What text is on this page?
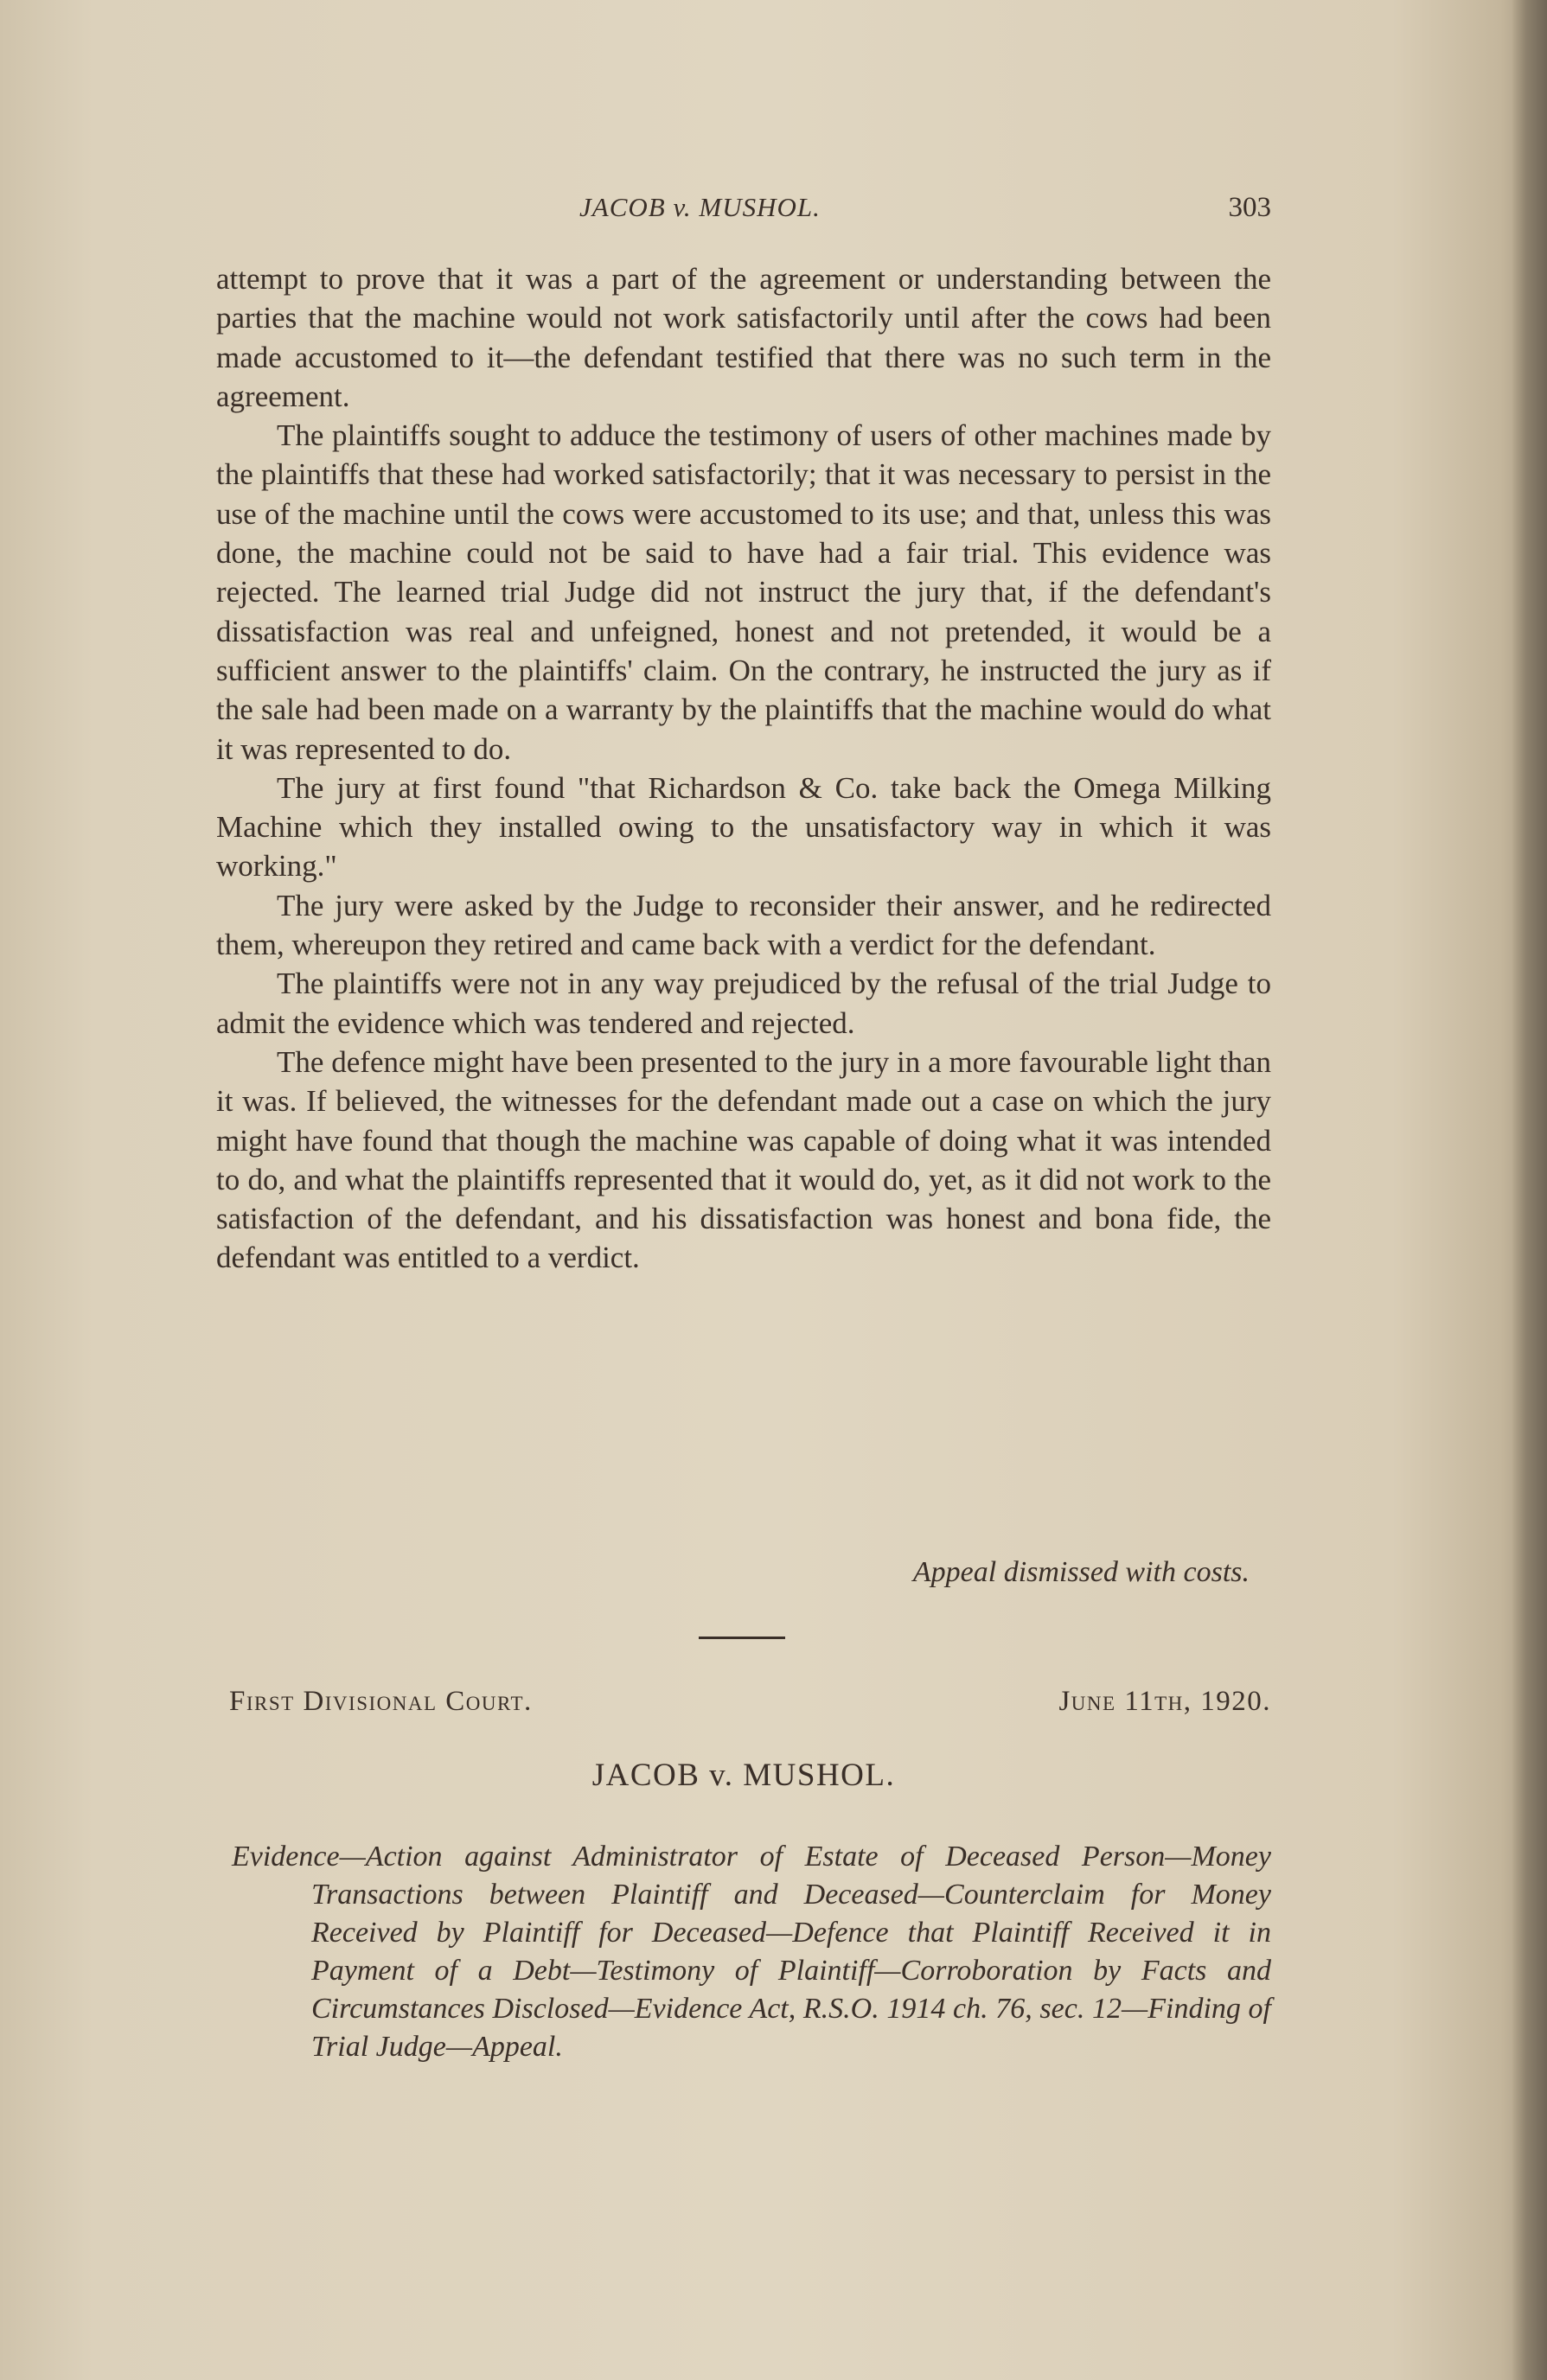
JACOB v. MUSHOL.	303

attempt to prove that it was a part of the agreement or understanding between the parties that the machine would not work satisfactorily until after the cows had been made accustomed to it—the defendant testified that there was no such term in the agreement.

The plaintiffs sought to adduce the testimony of users of other machines made by the plaintiffs that these had worked satisfactorily; that it was necessary to persist in the use of the machine until the cows were accustomed to its use; and that, unless this was done, the machine could not be said to have had a fair trial. This evidence was rejected. The learned trial Judge did not instruct the jury that, if the defendant's dissatisfaction was real and unfeigned, honest and not pretended, it would be a sufficient answer to the plaintiffs' claim. On the contrary, he instructed the jury as if the sale had been made on a warranty by the plaintiffs that the machine would do what it was represented to do.

The jury at first found "that Richardson & Co. take back the Omega Milking Machine which they installed owing to the unsatisfactory way in which it was working."

The jury were asked by the Judge to reconsider their answer, and he redirected them, whereupon they retired and came back with a verdict for the defendant.

The plaintiffs were not in any way prejudiced by the refusal of the trial Judge to admit the evidence which was tendered and rejected.

The defence might have been presented to the jury in a more favourable light than it was. If believed, the witnesses for the defendant made out a case on which the jury might have found that though the machine was capable of doing what it was intended to do, and what the plaintiffs represented that it would do, yet, as it did not work to the satisfaction of the defendant, and his dissatisfaction was honest and bona fide, the defendant was entitled to a verdict.

Appeal dismissed with costs.
First Divisional Court.	June 11th, 1920.
JACOB v. MUSHOL.
Evidence—Action against Administrator of Estate of Deceased Person—Money Transactions between Plaintiff and Deceased—Counterclaim for Money Received by Plaintiff for Deceased—Defence that Plaintiff Received it in Payment of a Debt—Testimony of Plaintiff—Corroboration by Facts and Circumstances Disclosed—Evidence Act, R.S.O. 1914 ch. 76, sec. 12—Finding of Trial Judge—Appeal.
